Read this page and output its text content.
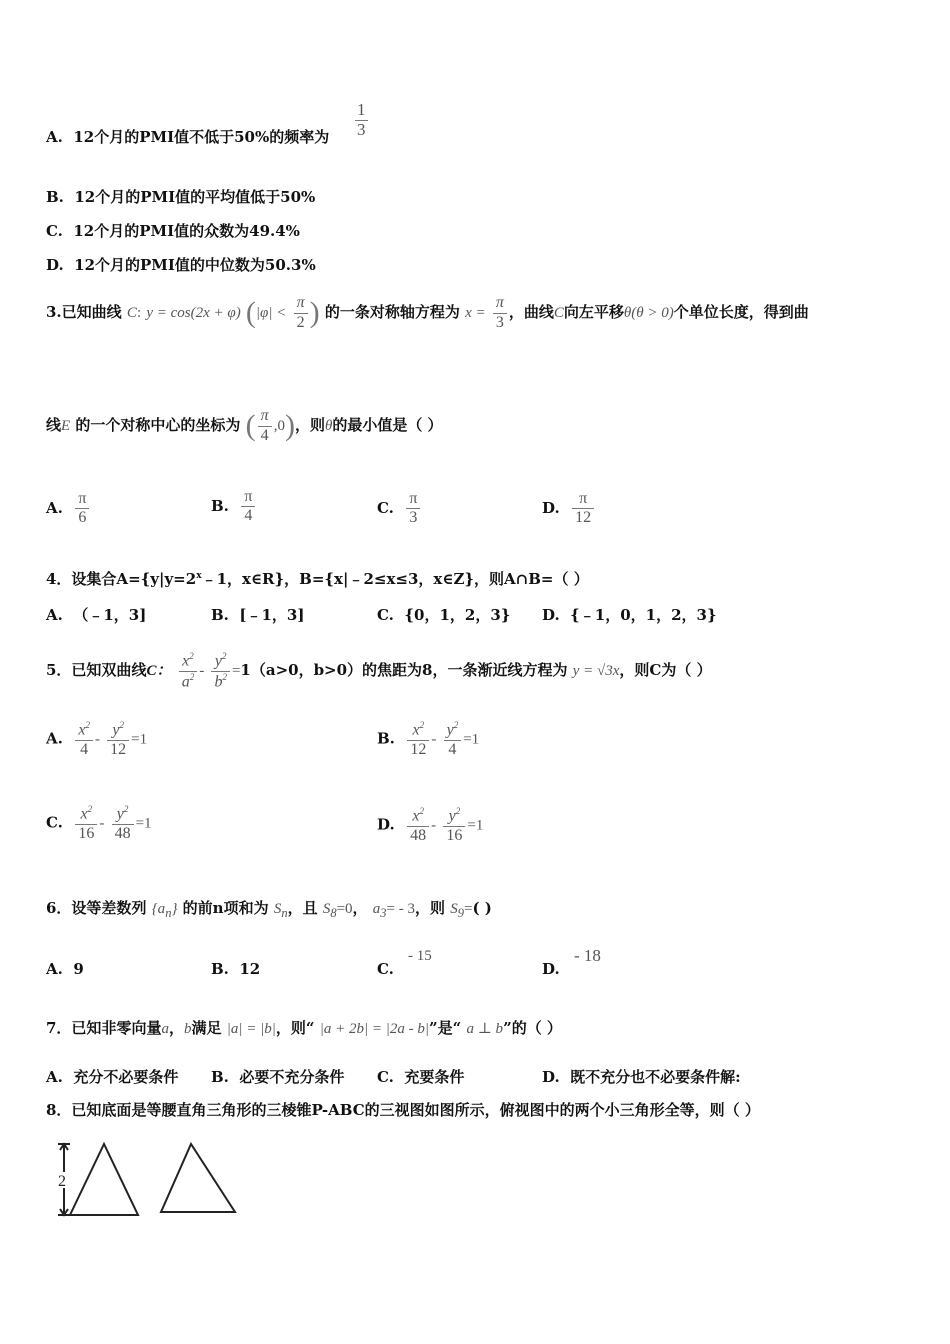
A. 12个月的PMI值不低于50%的频率为
1
3
B. 12个月的PMI值的平均值低于50%
C. 12个月的PMI值的众数为49.4%
D. 12个月的PMI值的中位数为50.3%
3.已知曲线 C: y = cos(2x + φ) ($|\varphi| < \frac{\pi}{2}$ ) 的一条对称轴方程为 $x = \frac{\pi}{3}$ ，曲线C向左平移θ(θ > 0)个单位长度，得到曲
线E 的一个对称中心的坐标为 ( $\frac{\pi}{4} ,0$)，则θ的最小值是（ ）
A. $\frac{\pi}{6}$	B. $\frac{\pi}{4}$	C. $\frac{\pi}{3}$	D. $\frac{\pi}{12}$
4．设集合$A=\{y|y=2^x﹣1$，x∈R}，B={x|﹣2≤x≤3，x∈Z}，则A∩B=（ ）
A. （﹣1，3]	B. [﹣1，3]	C. {0，1，2，3} D. {﹣1，0，1，2，3}
5．已知双曲线C： $\frac{x^2}{a^2} - \frac{y^2}{b^2} =1(a>0$，b>0）的焦距为8，一条渐近线方程为 y = √3x，则C为（ ）
A. $\frac{x^2}{4} - \frac{y^2}{12} =1$	B. $\frac{x^2}{12} - \frac{y^2}{4} =1$
C. $\frac{x^2}{16} - \frac{y^2}{48} =1$	D. $\frac{x^2}{48} - \frac{y^2}{16} =1$
6．设等差数列 $\{a_n\}$ 的前n项和为 $S_n$，且 $S_8=0$， $a_3= - 3$，则 $S_9=$( )
A. 9	B. 12	C.
- 15
D.
- 18
7．已知非零向量a，b满足 |a| = |b|，则“ |a + 2b| = |2a - b|”是“ a ⊥ b”的（ ）
A. 充分不必要条件 B. 必要不充分条件 C. 充要条件	D. 既不充分也不必要条件解:
8．已知底面是等腰直角三角形的三棱锥P-ABC的三视图如图所示，俯视图中的两个小三角形全等，则（ ）
2
